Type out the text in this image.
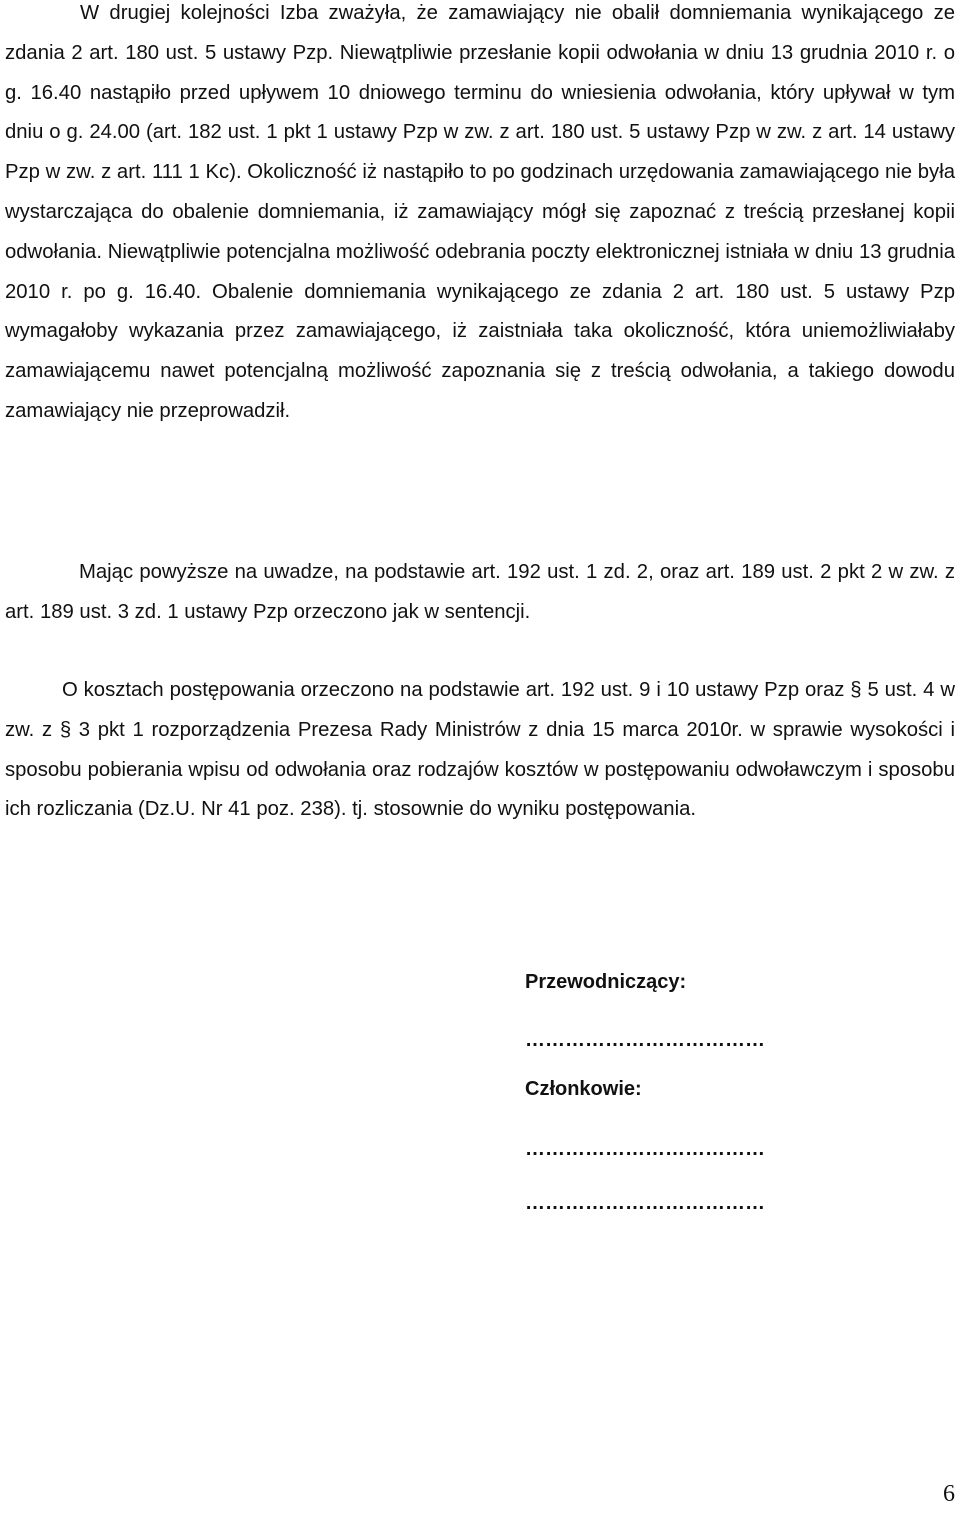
W drugiej kolejności Izba zważyła, że zamawiający nie obalił domniemania wynikającego ze zdania 2 art. 180 ust. 5 ustawy Pzp. Niewątpliwie przesłanie kopii odwołania w dniu 13 grudnia 2010 r. o g. 16.40 nastąpiło przed upływem 10 dniowego terminu do wniesienia odwołania, który upływał w tym dniu o g. 24.00 (art. 182 ust. 1 pkt 1 ustawy Pzp w zw. z art. 180 ust. 5 ustawy Pzp w zw. z art. 14 ustawy Pzp w zw. z art. 111 1 Kc). Okoliczność iż nastąpiło to po godzinach urzędowania zamawiającego nie była wystarczająca do obalenie domniemania, iż zamawiający mógł się zapoznać z treścią przesłanej kopii odwołania. Niewątpliwie potencjalna możliwość odebrania poczty elektronicznej istniała w dniu 13 grudnia 2010 r. po g. 16.40. Obalenie domniemania wynikającego ze zdania 2 art. 180 ust. 5 ustawy Pzp wymagałoby wykazania przez zamawiającego, iż zaistniała taka okoliczność, która uniemożliwiałaby zamawiającemu nawet potencjalną możliwość zapoznania się z treścią odwołania, a takiego dowodu zamawiający nie przeprowadził.

Mając powyższe na uwadze, na podstawie art. 192 ust. 1 zd. 2, oraz art. 189 ust. 2 pkt 2 w zw. z art. 189 ust. 3 zd. 1 ustawy Pzp orzeczono jak w sentencji.

O kosztach postępowania orzeczono na podstawie art. 192 ust. 9 i 10 ustawy Pzp oraz § 5 ust. 4 w zw. z § 3 pkt 1 rozporządzenia Prezesa Rady Ministrów z dnia 15 marca 2010r. w sprawie wysokości i sposobu pobierania wpisu od odwołania oraz rodzajów kosztów w postępowaniu odwoławczym i sposobu ich rozliczania (Dz.U. Nr 41 poz. 238). tj. stosownie do wyniku postępowania.

Przewodniczący:
………………………………
Członkowie:
………………………………
………………………………
6
